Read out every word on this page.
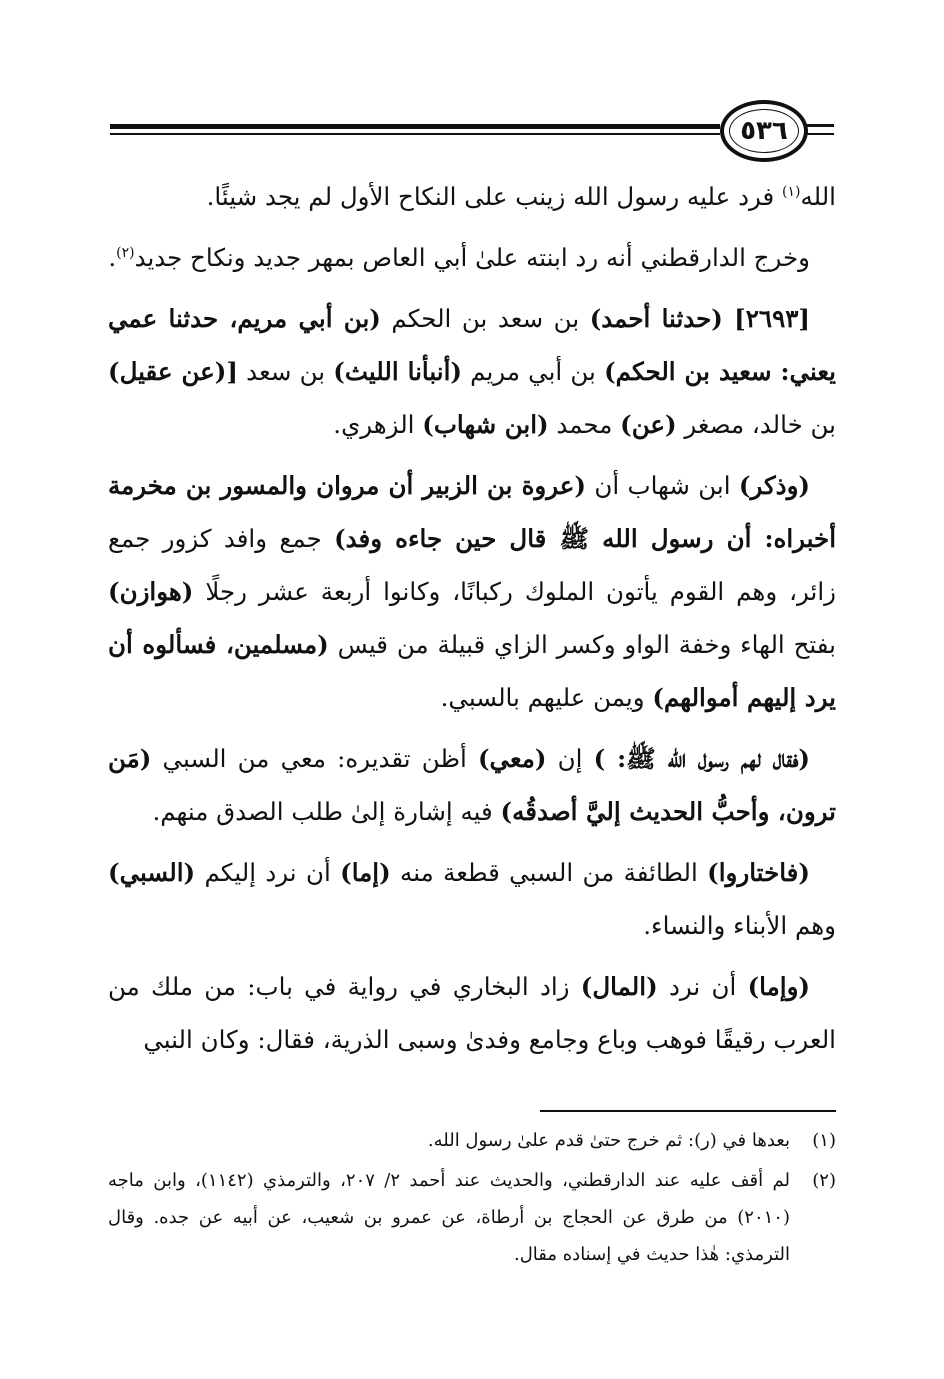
٥٣٦

الله$^{(١)}$ فرد عليه رسول الله زينب على النكاح الأول لم يجد شيئًا.

وخرج الدارقطني أنه رد ابنته علىٰ أبي العاص بمهر جديد ونكاح جديد$^{(٢)}$.

[٢٦٩٣] (حدثنا أحمد) بن سعد بن الحكم (بن أبي مريم، حدثنا عمي يعني: سعيد بن الحكم) بن أبي مريم (أنبأنا الليث) بن سعد [(عن عقيل) بن خالد، مصغر (عن) محمد (ابن شهاب) الزهري.

(وذكر) ابن شهاب أن (عروة بن الزبير أن مروان والمسور بن مخرمة أخبراه: أن رسول الله ﷺ قال حين جاءه وفد) جمع وافد كزور جمع زائر، وهم القوم يأتون الملوك ركبانًا، وكانوا أربعة عشر رجلًا (هوازن) بفتح الهاء وخفة الواو وكسر الزاي قبيلة من قيس (مسلمين، فسألوه أن يرد إليهم أموالهم) ويمن عليهم بالسبي.

(فقال لهم رسول الله ﷺ: ) إن (معي) أظن تقديره: معي من السبي (مَن ترون، وأحبُّ الحديث إليَّ أصدقُه) فيه إشارة إلىٰ طلب الصدق منهم.

(فاختاروا) الطائفة من السبي قطعة منه (إما) أن نرد إليكم (السبي) وهم الأبناء والنساء.

(وإما) أن نرد (المال) زاد البخاري في رواية في باب: من ملك من العرب رقيقًا فوهب وباع وجامع وفدىٰ وسبى الذرية، فقال: وكان النبي

(١)
بعدها في (ر): ثم خرج حتىٰ قدم علىٰ رسول الله.
(٢)
لم أقف عليه عند الدارقطني، والحديث عند أحمد ٢/ ٢٠٧، والترمذي (١١٤٢)، وابن ماجه (٢٠١٠) من طرق عن الحجاج بن أرطاة، عن عمرو بن شعيب، عن أبيه عن جده. وقال الترمذي: هٰذا حديث في إسناده مقال.
